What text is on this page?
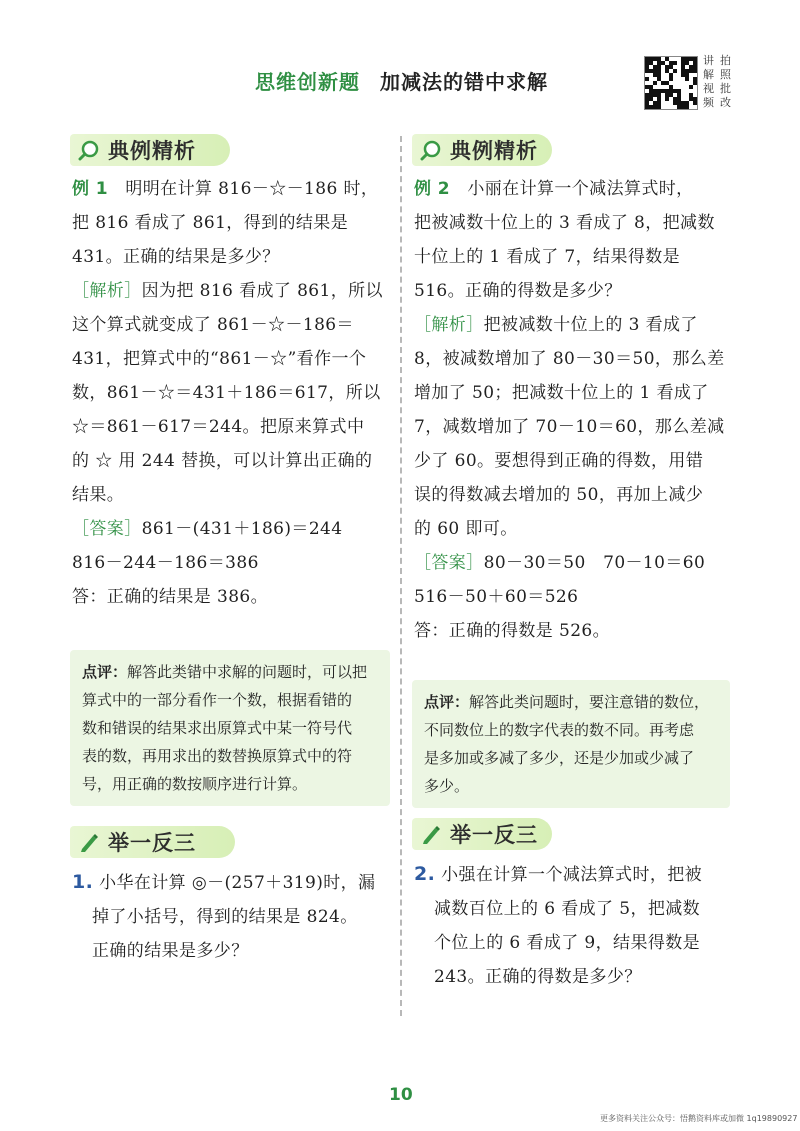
思维创新题 加减法的错中求解
讲 拍
解 照
视 批
频 改
典例精析
例 1 明明在计算 816－☆－186 时，
把 816 看成了 861，得到的结果是
431。正确的结果是多少？
［解析］因为把 816 看成了 861，所以
这个算式就变成了 861－☆－186＝
431，把算式中的“861－☆”看作一个
数，861－☆＝431＋186＝617，所以
☆＝861－617＝244。把原来算式中
的 ☆ 用 244 替换，可以计算出正确的
结果。
［答案］861－(431＋186)＝244
816－244－186＝386
答：正确的结果是 386。
点评：解答此类错中求解的问题时，可以把
算式中的一部分看作一个数，根据看错的
数和错误的结果求出原算式中某一符号代
表的数，再用求出的数替换原算式中的符
号，用正确的数按顺序进行计算。
举一反三
1. 小华在计算 ◎－(257＋319)时，漏
掉了小括号，得到的结果是 824。
正确的结果是多少？
典例精析
例 2 小丽在计算一个减法算式时，
把被减数十位上的 3 看成了 8，把减数
十位上的 1 看成了 7，结果得数是
516。正确的得数是多少？
［解析］把被减数十位上的 3 看成了
8，被减数增加了 80－30＝50，那么差
增加了 50；把减数十位上的 1 看成了
7，减数增加了 70－10＝60，那么差减
少了 60。要想得到正确的得数，用错
误的得数减去增加的 50，再加上减少
的 60 即可。
［答案］80－30＝50　70－10＝60
516－50＋60＝526
答：正确的得数是 526。
点评：解答此类问题时，要注意错的数位，
不同数位上的数字代表的数不同。再考虑
是多加或多减了多少，还是少加或少减了
多少。
举一反三
2. 小强在计算一个减法算式时，把被
减数百位上的 6 看成了 5，把减数
个位上的 6 看成了 9，结果得数是
243。正确的得数是多少？
10
更多资料关注公众号：悟鹅资料库或加微 1q19890927
